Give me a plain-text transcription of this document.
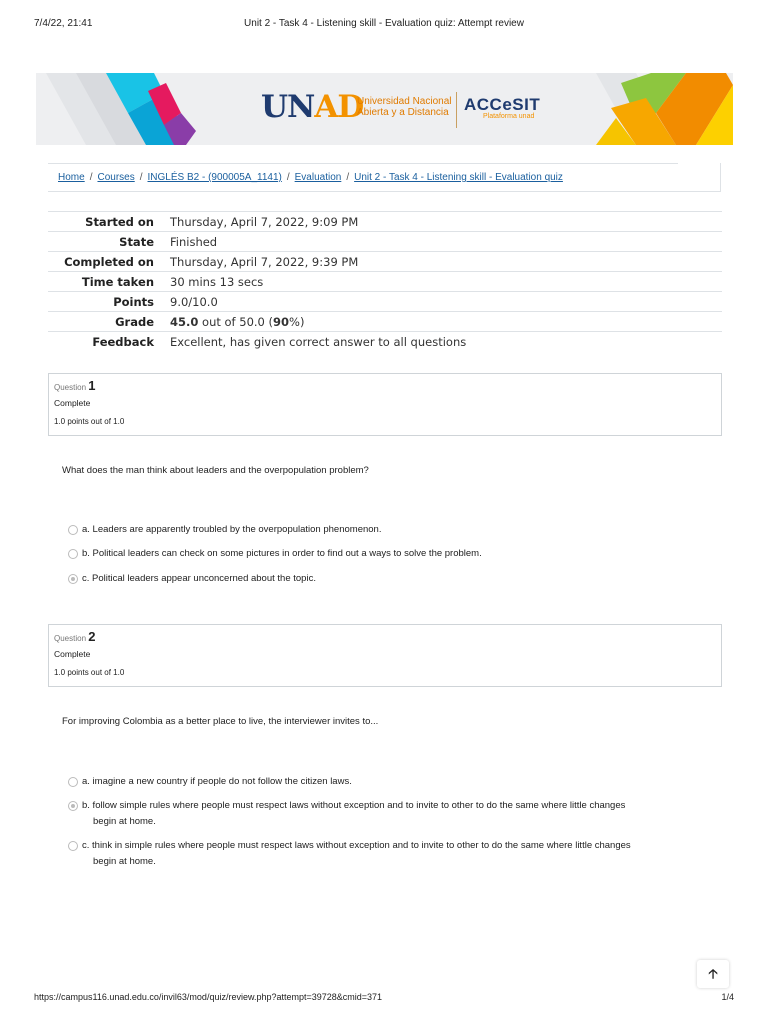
7/4/22, 21:41	Unit 2 - Task 4 - Listening skill - Evaluation quiz: Attempt review
UNAD
Universidad Nacional
Abierta y a Distancia ACCeSIT
Plataforma unad
Home / Courses / INGLÉS B2 - (900005A_1141) / Evaluation / Unit 2 - Task 4 - Listening skill - Evaluation quiz
Started on	Thursday, April 7, 2022, 9:09 PM
State	Finished
Completed on	Thursday, April 7, 2022, 9:39 PM
Time taken	30 mins 13 secs
Points	9.0/10.0
Grade	45.0 out of 50.0 (90%)
Feedback	Excellent, has given correct answer to all questions
Question 1
Complete
1.0 points out of 1.0
What does the man think about leaders and the overpopulation problem?
a. Leaders are apparently troubled by the overpopulation phenomenon.
b. Political leaders can check on some pictures in order to find out a ways to solve the problem.
c. Political leaders appear unconcerned about the topic.
Question 2
Complete
1.0 points out of 1.0
For improving Colombia as a better place to live, the interviewer invites to...
a. imagine a new country if people do not follow the citizen laws.
b. follow simple rules where people must respect laws without exception and to invite to other to do the same where little changes
begin at home.
c. think in simple rules where people must respect laws without exception and to invite to other to do the same where little changes
begin at home.
🡡
https://campus116.unad.edu.co/invil63/mod/quiz/review.php?attempt=39728&cmid=371	1/4
